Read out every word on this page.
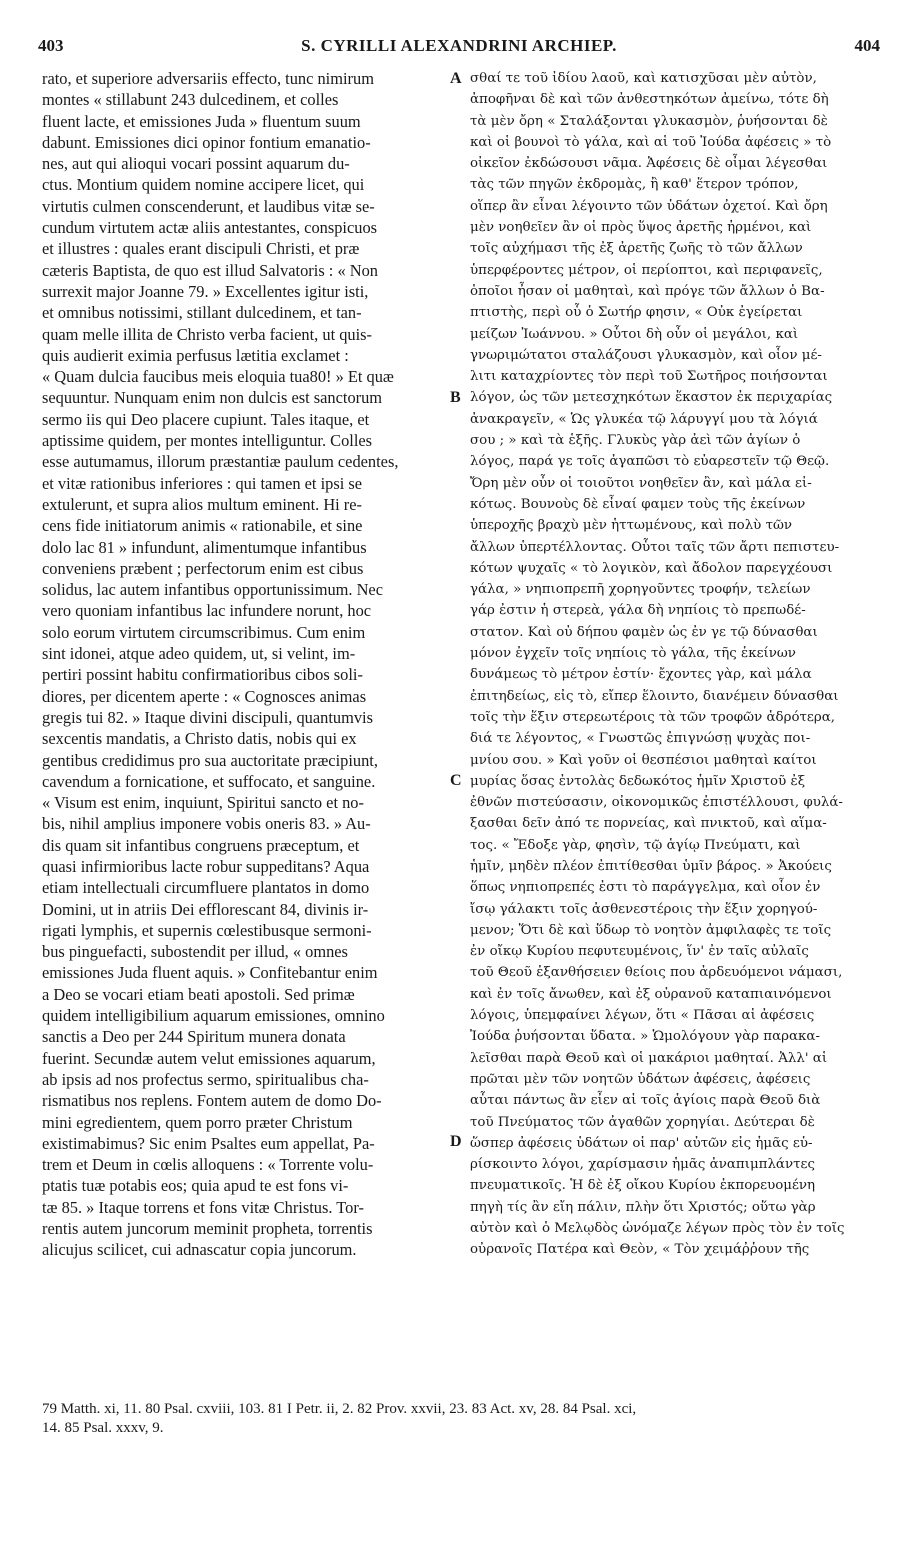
403	S. CYRILLI ALEXANDRINI ARCHIEP.	404
rato, et superiore adversariis effecto, tunc nimirum
montes « stillabunt 243 dulcedinem, et colles
fluent lacte, et emissiones Juda » fluentum suum
dabunt. Emissiones dici opinor fontium emanatio-
nes, aut qui alioqui vocari possint aquarum du-
ctus. Montium quidem nomine accipere licet, qui
virtutis culmen conscenderunt, et laudibus vitæ se-
cundum virtutem actæ aliis antestantes, conspicuos
et illustres : quales erant discipuli Christi, et præ
cæteris Baptista, de quo est illud Salvatoris : « Non
surrexit major Joanne 79. » Excellentes igitur isti,
et omnibus notissimi, stillant dulcedinem, et tan-
quam melle illita de Christo verba facient, ut quis-
quis audierit eximia perfusus lætitia exclamet :
« Quam dulcia faucibus meis eloquia tua80! » Et quæ
sequuntur. Nunquam enim non dulcis est sanctorum
sermo iis qui Deo placere cupiunt. Tales itaque, et
aptissime quidem, per montes intelliguntur. Colles
esse autumamus, illorum præstantiæ paulum cedentes,
et vitæ rationibus inferiores : qui tamen et ipsi se
extulerunt, et supra alios multum eminent. Hi re-
cens fide initiatorum animis « rationabile, et sine
dolo lac 81 » infundunt, alimentumque infantibus
conveniens præbent ; perfectorum enim est cibus
solidus, lac autem infantibus opportunissimum. Nec
vero quoniam infantibus lac infundere norunt, hoc
solo eorum virtutem circumscribimus. Cum enim
sint idonei, atque adeo quidem, ut, si velint, im-
pertiri possint habitu confirmatioribus cibos soli-
diores, per dicentem aperte : « Cognosces animas
gregis tui 82. » Itaque divini discipuli, quantumvis
sexcentis mandatis, a Christo datis, nobis qui ex
gentibus credidimus pro sua auctoritate præcipiunt,
cavendum a fornicatione, et suffocato, et sanguine.
« Visum est enim, inquiunt, Spiritui sancto et no-
bis, nihil amplius imponere vobis oneris 83. » Au-
dis quam sit infantibus congruens præceptum, et
quasi infirmioribus lacte robur suppeditans? Aqua
etiam intellectuali circumfluere plantatos in domo
Domini, ut in atriis Dei efflorescant 84, divinis ir-
rigati lymphis, et supernis cœlestibusque sermoni-
bus pinguefacti, subostendit per illud, « omnes
emissiones Juda fluent aquis. » Confitebantur enim
a Deo se vocari etiam beati apostoli. Sed primæ
quidem intelligibilium aquarum emissiones, omnino
sanctis a Deo per 244 Spiritum munera donata
fuerint. Secundæ autem velut emissiones aquarum,
ab ipsis ad nos profectus sermo, spiritualibus cha-
rismatibus nos replens. Fontem autem de domo Do-
mini egredientem, quem porro præter Christum
existimabimus? Sic enim Psaltes eum appellat, Pa-
trem et Deum in cœlis alloquens : « Torrente volu-
ptatis tuæ potabis eos; quia apud te est fons vi-
tæ 85. » Itaque torrens et fons vitæ Christus. Tor-
rentis autem juncorum meminit propheta, torrentis
alicujus scilicet, cui adnascatur copia juncorum.
σθαί τε τοῦ ἰδίου λαοῦ, καὶ κατισχῦσαι μὲν αὐτὸν,
ἀποφῆναι δὲ καὶ τῶν ἀνθεστηκότων ἀμείνω, τότε δὴ
τὰ μὲν ὄρη « Σταλάξονται γλυκασμὸν, ῥυήσονται δὲ
καὶ οἱ βουνοὶ τὸ γάλα, καὶ αἱ τοῦ Ἰούδα ἀφέσεις » τὸ
οἰκεῖον ἐκδώσουσι νᾶμα. Ἀφέσεις δὲ οἶμαι λέγεσθαι
τὰς τῶν πηγῶν ἐκδρομὰς, ἢ καθ' ἕτερον τρόπον,
οἵπερ ἂν εἶναι λέγοιντο τῶν ὑδάτων ὀχετοί. Καὶ ὄρη
μὲν νοηθεῖεν ἂν οἱ πρὸς ὕψος ἀρετῆς ἠρμένοι, καὶ
τοῖς αὐχήμασι τῆς ἐξ ἀρετῆς ζωῆς τὸ τῶν ἄλλων
ὑπερφέροντες μέτρον, οἱ περίοπτοι, καὶ περιφανεῖς,
ὁποῖοι ἦσαν οἱ μαθηταὶ, καὶ πρόγε τῶν ἄλλων ὁ Βα-
πτιστὴς, περὶ οὗ ὁ Σωτήρ φησιν, « Οὐκ ἐγείρεται
μείζων Ἰωάννου. » Οὗτοι δὴ οὖν οἱ μεγάλοι, καὶ
γνωριμώτατοι σταλάζουσι γλυκασμὸν, καὶ οἷον μέ-
λιτι καταχρίοντες τὸν περὶ τοῦ Σωτῆρος ποιήσονται
λόγον, ὡς τῶν μετεσχηκότων ἕκαστον ἐκ περιχαρίας
ἀνακραγεῖν, « Ὡς γλυκέα τῷ λάρυγγί μου τὰ λόγιά
σου ; » καὶ τὰ ἑξῆς. Γλυκὺς γὰρ ἀεὶ τῶν ἁγίων ὁ
λόγος, παρά γε τοῖς ἀγαπῶσι τὸ εὐαρεστεῖν τῷ Θεῷ.
Ὄρη μὲν οὖν οἱ τοιοῦτοι νοηθεῖεν ἂν, καὶ μάλα εἰ-
κότως. Βουνοὺς δὲ εἶναί φαμεν τοὺς τῆς ἐκείνων
ὑπεροχῆς βραχὺ μὲν ἡττωμένους, καὶ πολὺ τῶν
ἄλλων ὑπερτέλλοντας. Οὗτοι ταῖς τῶν ἄρτι πεπιστευ-
κότων ψυχαῖς « τὸ λογικὸν, καὶ ἄδολον παρεγχέουσι
γάλα, » νηπιοπρεπῆ χορηγοῦντες τροφήν, τελείων
γάρ ἐστιν ἡ στερεὰ, γάλα δὴ νηπίοις τὸ πρεπωδέ-
στατον. Καὶ οὐ δήπου φαμὲν ὡς ἐν γε τῷ δύνασθαι
μόνον ἐγχεῖν τοῖς νηπίοις τὸ γάλα, τῆς ἐκείνων
δυνάμεως τὸ μέτρον ἐστίν· ἔχοντες γὰρ, καὶ μάλα
ἐπιτηδείως, εἰς τὸ, εἴπερ ἕλοιντο, διανέμειν δύνασθαι
τοῖς τὴν ἕξιν στερεωτέροις τὰ τῶν τροφῶν ἁδρότερα,
διά τε λέγοντος, « Γνωστῶς ἐπιγνώσῃ ψυχὰς ποι-
μνίου σου. » Καὶ γοῦν οἱ θεσπέσιοι μαθηταὶ καίτοι
μυρίας ὅσας ἐντολὰς δεδωκότος ἡμῖν Χριστοῦ ἐξ
ἐθνῶν πιστεύσασιν, οἰκονομικῶς ἐπιστέλλουσι, φυλά-
ξασθαι δεῖν ἀπό τε πορνείας, καὶ πνικτοῦ, καὶ αἵμα-
τος. « Ἔδοξε γὰρ, φησὶν, τῷ ἁγίῳ Πνεύματι, καὶ
ἡμῖν, μηδὲν πλέον ἐπιτίθεσθαι ὑμῖν βάρος. » Ἀκούεις
ὅπως νηπιοπρεπές ἐστι τὸ παράγγελμα, καὶ οἷον ἐν
ἴσῳ γάλακτι τοῖς ἀσθενεστέροις τὴν ἕξιν χορηγού-
μενον; Ὅτι δὲ καὶ ὕδωρ τὸ νοητὸν ἀμφιλαφὲς τε τοῖς
ἐν οἴκῳ Κυρίου πεφυτευμένοις, ἵν' ἐν ταῖς αὐλαῖς
τοῦ Θεοῦ ἐξανθήσειεν θείοις που ἀρδευόμενοι νάμασι,
καὶ ἐν τοῖς ἄνωθεν, καὶ ἐξ οὐρανοῦ καταπιαινόμενοι
λόγοις, ὑπεμφαίνει λέγων, ὅτι « Πᾶσαι αἱ ἀφέσεις
Ἰούδα ῥυήσονται ὕδατα. » Ὡμολόγουν γὰρ παρακα-
λεῖσθαι παρὰ Θεοῦ καὶ οἱ μακάριοι μαθηταί. Ἀλλ' αἱ
πρῶται μὲν τῶν νοητῶν ὑδάτων ἀφέσεις, ἀφέσεις
αὗται πάντως ἂν εἶεν αἱ τοῖς ἁγίοις παρὰ Θεοῦ διὰ
τοῦ Πνεύματος τῶν ἀγαθῶν χορηγίαι. Δεύτεραι δὲ
ὥσπερ ἀφέσεις ὑδάτων οἱ παρ' αὐτῶν εἰς ἡμᾶς εὑ-
ρίσκοιντο λόγοι, χαρίσμασιν ἡμᾶς ἀναπιμπλάντες
πνευματικοῖς. Ἡ δὲ ἐξ οἴκου Κυρίου ἐκπορευομένη
πηγὴ τίς ἂν εἴη πάλιν, πλὴν ὅτι Χριστός; οὕτω γὰρ
αὐτὸν καὶ ὁ Μελῳδὸς ὠνόμαζε λέγων πρὸς τὸν ἐν τοῖς
οὐρανοῖς Πατέρα καὶ Θεὸν, « Τὸν χειμάῤῥουν τῆς
A
B
C
D
79 Matth. xi, 11. 80 Psal. cxviii, 103. 81 I Petr. ii, 2. 82 Prov. xxvii, 23. 83 Act. xv, 28. 84 Psal. xci,
14. 85 Psal. xxxv, 9.
